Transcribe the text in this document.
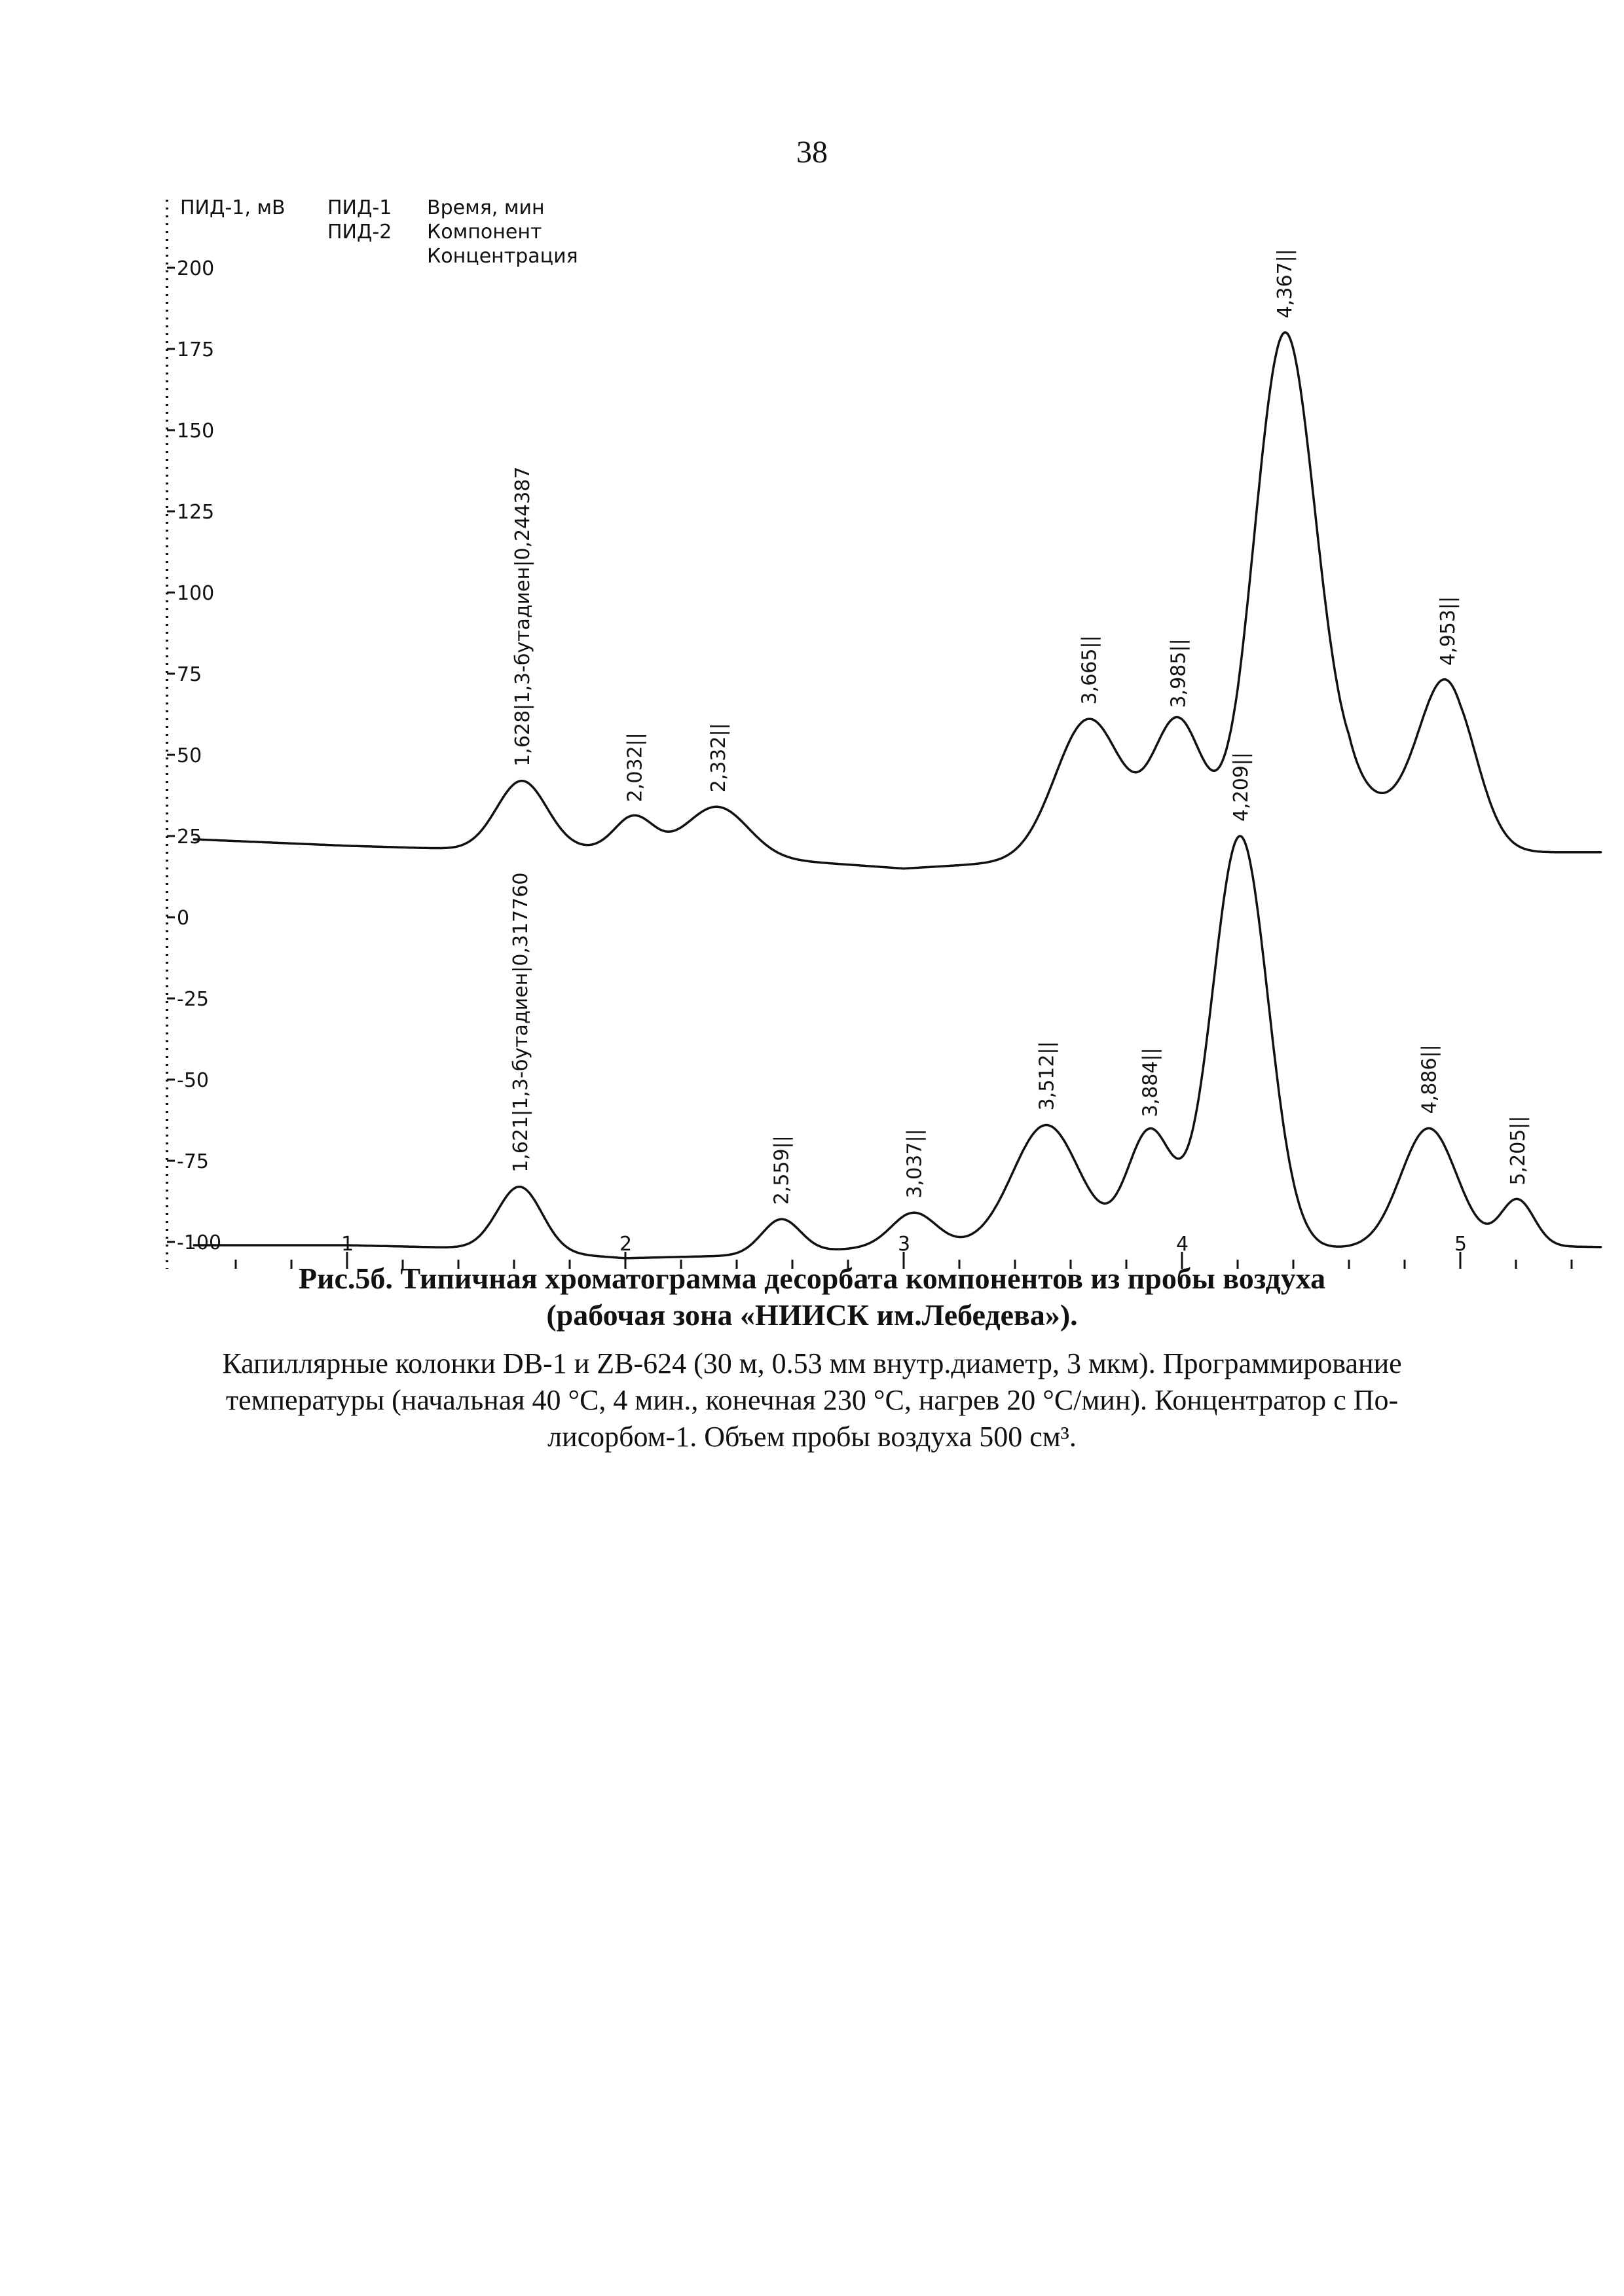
38
200
175
150
125
100
75
50
25
0
-25
-50
-75
-100	1	2	3	4	5
ПИД-1, мВ ПИД-1
ПИД-2
Время, мин
Компонент
Концентрация
1,628|1,3-бутадиен|0,244387
2,032||	2,332||
3,665||	3,985||
4,367||
4,953||
1,621|1,3-бутадиен|0,317760	2,559||	3,037||
3,512||	3,884||
4,209||
4,886||
5,205||
Рис.5б. Типичная хроматограмма десорбата компонентов из пробы воздуха
(рабочая зона «НИИСК им.Лебедева»).
Капиллярные колонки DB-1 и ZB-624 (30 м, 0.53 мм внутр.диаметр, 3 мкм). Программирование
температуры (начальная 40 °С, 4 мин., конечная 230 °С, нагрев 20 °С/мин). Концентратор с По-
лисорбом-1. Объем пробы воздуха 500 см³.
